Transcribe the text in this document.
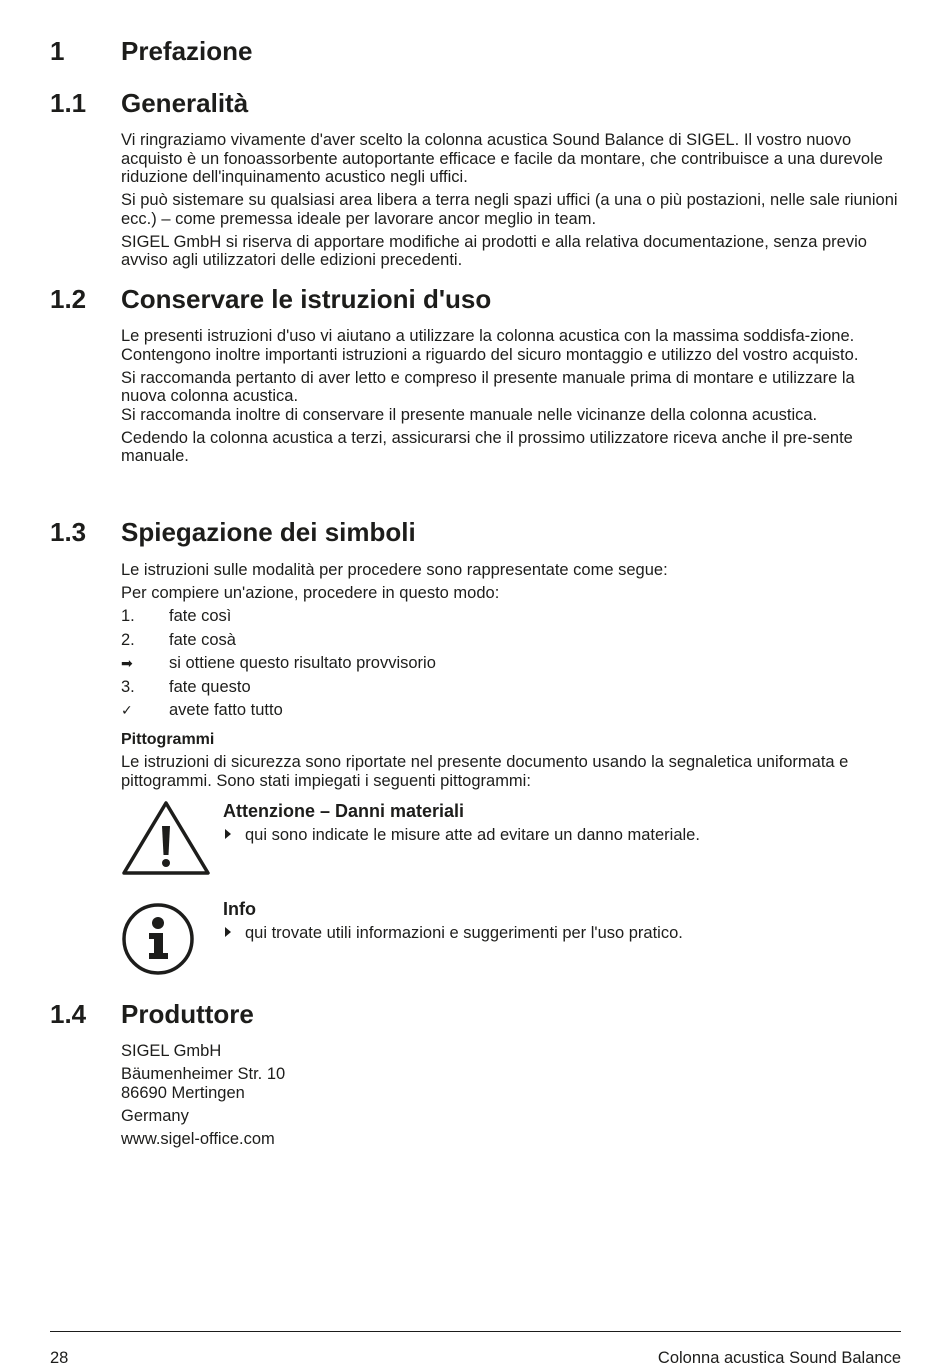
1 Prefazione
1.1 Generalità

Vi ringraziamo vivamente d'aver scelto la colonna acustica Sound Balance di SIGEL. Il vostro nuovo acquisto è un fonoassorbente autoportante efficace e facile da montare, che contribuisce a una durevole riduzione dell'inquinamento acustico negli uffici.

Si può sistemare su qualsiasi area libera a terra negli spazi uffici (a una o più postazioni, nelle sale riunioni ecc.) – come premessa ideale per lavorare ancor meglio in team.

SIGEL GmbH si riserva di apportare modifiche ai prodotti e alla relativa documentazione, senza previo avviso agli utilizzatori delle edizioni precedenti.

1.2 Conservare le istruzioni d'uso

Le presenti istruzioni d'uso vi aiutano a utilizzare la colonna acustica con la massima soddisfa-zione.

Contengono inoltre importanti istruzioni a riguardo del sicuro montaggio e utilizzo del vostro acquisto.

Si raccomanda pertanto di aver letto e compreso il presente manuale prima di montare e utilizzare la nuova colonna acustica.

Si raccomanda inoltre di conservare il presente manuale nelle vicinanze della colonna acustica.

Cedendo la colonna acustica a terzi, assicurarsi che il prossimo utilizzatore riceva anche il pre-sente manuale.

1.3 Spiegazione dei simboli

Le istruzioni sulle modalità per procedere sono rappresentate come segue:

Per compiere un'azione, procedere in questo modo:

1.	fate così
2.	fate cosà
➡	si ottiene questo risultato provvisorio
3.	fate questo
✓	avete fatto tutto
Pittogrammi

Le istruzioni di sicurezza sono riportate nel presente documento usando la segnaletica uniformata e pittogrammi. Sono stati impiegati i seguenti pittogrammi:

Attenzione – Danni materiali
qui sono indicate le misure atte ad evitare un danno materiale.
Info
qui trovate utili informazioni e suggerimenti per l'uso pratico.
1.4 Produttore

SIGEL GmbH

Bäumenheimer Str. 10

86690 Mertingen

Germany

www.sigel-office.com

28	Colonna acustica Sound Balance
